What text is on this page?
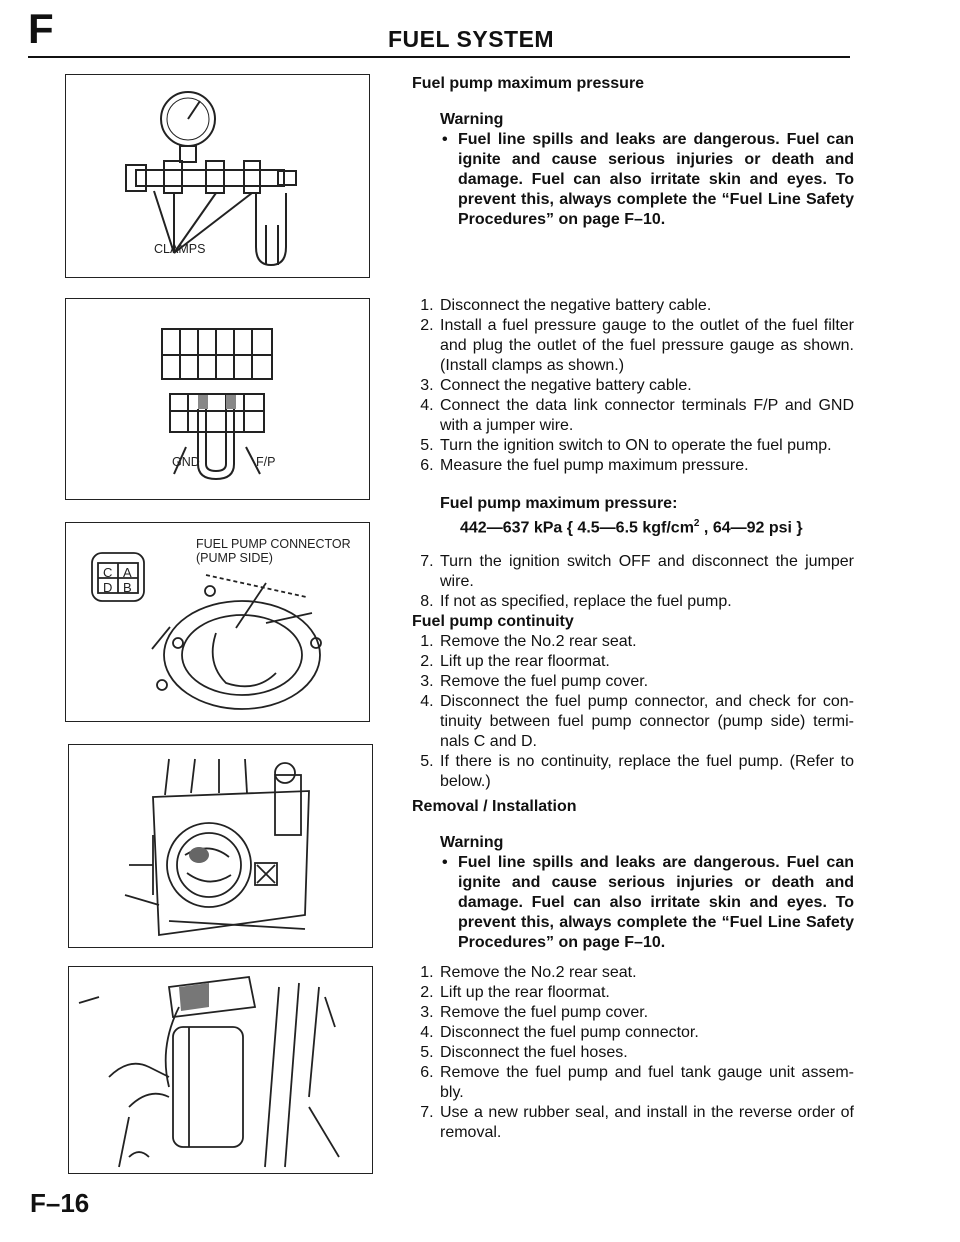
F	FUEL SYSTEM
CLAMPS
GND	F/P
FUEL PUMP CONNECTOR
(PUMP SIDE)
C A
D B
Fuel pump maximum pressure
Warning
• Fuel line spills and leaks are dangerous. Fuel can ignite and cause serious injuries or death and damage. Fuel can also irritate skin and eyes. To prevent this, always complete the “Fuel Line Safety Procedures” on page F–10.
1. Disconnect the negative battery cable.
2. Install a fuel pressure gauge to the outlet of the fuel filter and plug the outlet of the fuel pressure gauge as shown. (Install clamps as shown.)
3. Connect the negative battery cable.
4. Connect the data link connector terminals F/P and GND with a jumper wire.
5. Turn the ignition switch to ON to operate the fuel pump.
6. Measure the fuel pump maximum pressure.
Fuel pump maximum pressure:
442—637 kPa { 4.5—6.5 kgf/$cm^2$ , 64—92 psi }
7. Turn the ignition switch OFF and disconnect the jumper wire.
8. If not as specified, replace the fuel pump.
Fuel pump continuity
1. Remove the No.2 rear seat.
2. Lift up the rear floormat.
3. Remove the fuel pump cover.
4. Disconnect the fuel pump connector, and check for con- tinuity between fuel pump connector (pump side) termi- nals C and D.
5. If there is no continuity, replace the fuel pump. (Refer to below.)
Removal / Installation
Warning
• Fuel line spills and leaks are dangerous. Fuel can ignite and cause serious injuries or death and damage. Fuel can also irritate skin and eyes. To prevent this, always complete the “Fuel Line Safety Procedures” on page F–10.
1. Remove the No.2 rear seat.
2. Lift up the rear floormat.
3. Remove the fuel pump cover.
4. Disconnect the fuel pump connector.
5. Disconnect the fuel hoses.
6. Remove the fuel pump and fuel tank gauge unit assem- bly.
7. Use a new rubber seal, and install in the reverse order of removal.
F–16
